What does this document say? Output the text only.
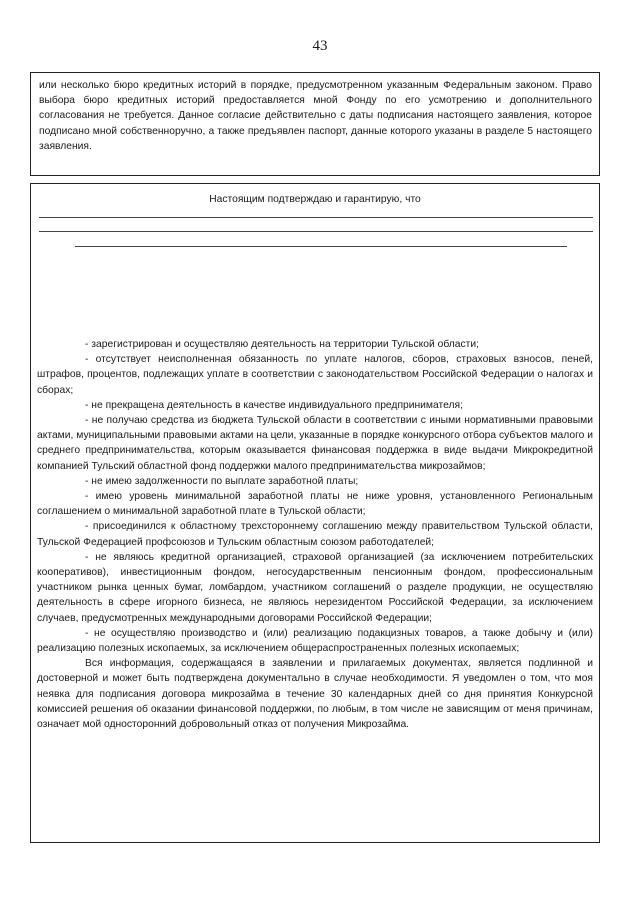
43

или несколько бюро кредитных историй в порядке, предусмотренном указанным Федеральным законом. Право выбора бюро кредитных историй предоставляется мной Фонду по его усмотрению и дополнительного согласования не требуется. Данное согласие действительно с даты подписания настоящего заявления, которое подписано мной собственноручно, а также предъявлен паспорт, данные которого указаны в разделе 5 настоящего заявления.

Настоящим подтверждаю и гарантирую, что

- зарегистрирован и осуществляю деятельность на территории Тульской области;

- отсутствует неисполненная обязанность по уплате налогов, сборов, страховых взносов, пеней, штрафов, процентов, подлежащих уплате в соответствии с законодательством Российской Федерации о налогах и сборах;

- не прекращена деятельность в качестве индивидуального предпринимателя;

- не получаю средства из бюджета Тульской области в соответствии с иными нормативными правовыми актами, муниципальными правовыми актами на цели, указанные в порядке конкурсного отбора субъектов малого и среднего предпринимательства, которым оказывается финансовая поддержка в виде выдачи Микрокредитной компанией Тульский областной фонд поддержки малого предпринимательства микрозаймов;

- не имею задолженности по выплате заработной платы;

- имею уровень минимальной заработной платы не ниже уровня, установленного Региональным соглашением о минимальной заработной плате в Тульской области;

- присоединился к областному трехстороннему соглашению между правительством Тульской области, Тульской Федерацией профсоюзов и Тульским областным союзом работодателей;

- не являюсь кредитной организацией, страховой организацией (за исключением потребительских кооперативов), инвестиционным фондом, негосударственным пенсионным фондом, профессиональным участником рынка ценных бумаг, ломбардом, участником соглашений о разделе продукции, не осуществляю деятельность в сфере игорного бизнеса, не являюсь нерезидентом Российской Федерации, за исключением случаев, предусмотренных международными договорами Российской Федерации;

- не осуществляю производство и (или) реализацию подакцизных товаров, а также добычу и (или) реализацию полезных ископаемых, за исключением общераспространенных полезных ископаемых;

Вся информация, содержащаяся в заявлении и прилагаемых документах, является подлинной и достоверной и может быть подтверждена документально в случае необходимости. Я уведомлен о том, что моя неявка для подписания договора микрозайма в течение 30 календарных дней со дня принятия Конкурсной комиссией решения об оказании финансовой поддержки, по любым, в том числе не зависящим от меня причинам, означает мой односторонний добровольный отказ от получения Микрозайма.
